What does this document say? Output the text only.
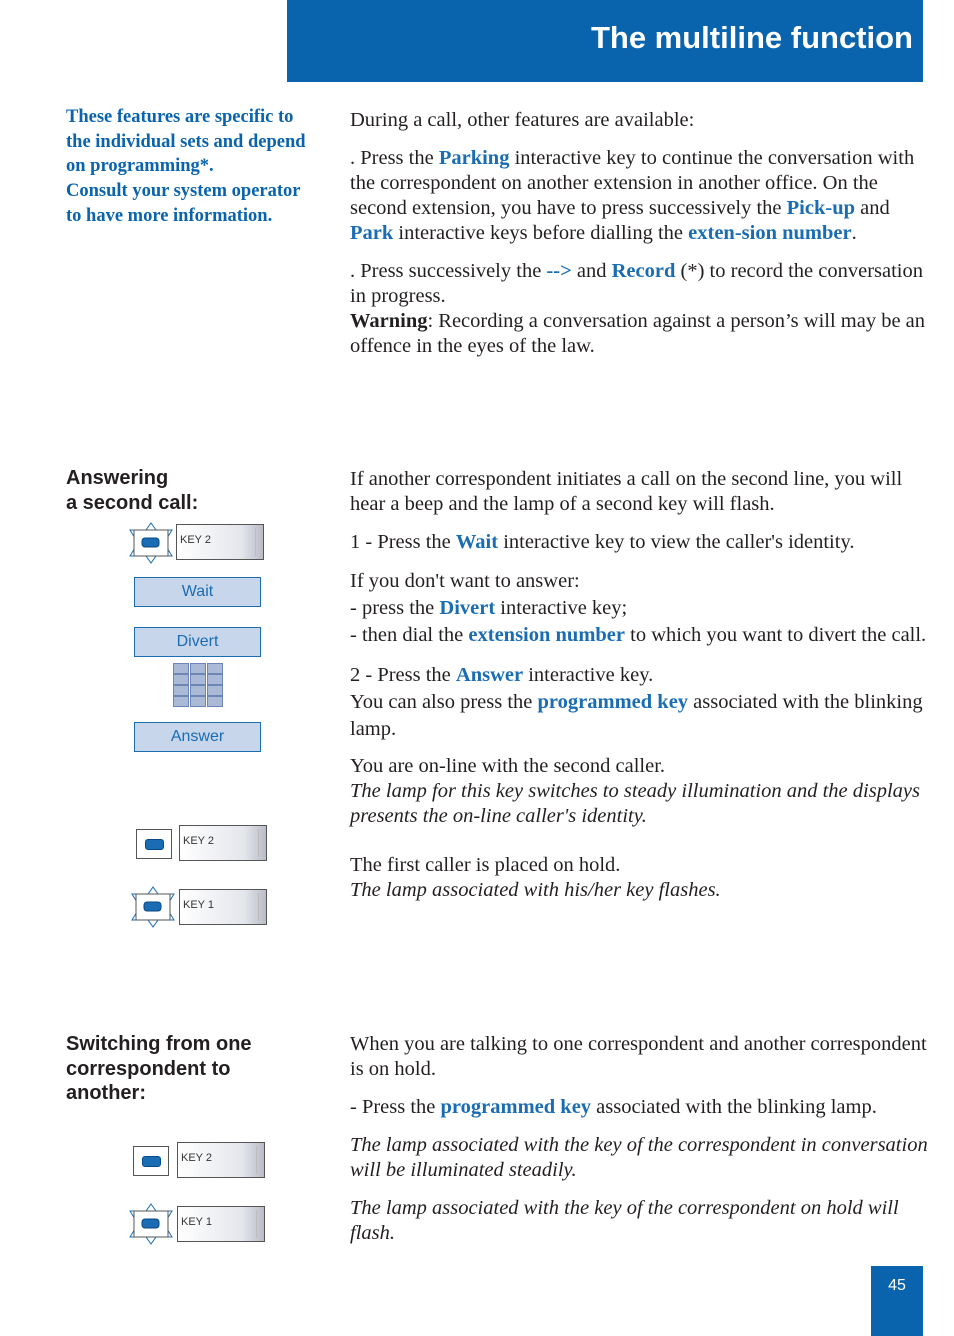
The multiline function
These features are specific to
the individual sets and depend
on programming*.
Consult your system operator
to have more information.

During a call, other features are available:

. Press the Parking interactive key to continue the conversation with the correspondent on another extension in another office. On the second extension, you have to press successively the Pick-up and Park interactive keys before dialling the exten-sion number.

. Press successively the --> and Record (*) to record the conversation in progress.
Warning: Recording a conversation against a person’s will may be an offence in the eyes of the law.

Answering
a second call:
KEY 2
Wait
Divert
Answer
KEY 2
KEY 1

If another correspondent initiates a call on the second line, you will hear a beep and the lamp of a second key will flash.

1 - Press the Wait interactive key to view the caller's identity.

If you don't want to answer:
- press the Divert interactive key;
- then dial the extension number to which you want to divert the call.
2 - Press the Answer interactive key.
You can also press the programmed key associated with the blinking lamp.
You are on-line with the second caller.
The lamp for this key switches to steady illumination and the displays presents the on-line caller's identity.
The first caller is placed on hold.
The lamp associated with his/her key flashes.
Switching from one
correspondent to
another:
KEY 2
KEY 1

When you are talking to one correspondent and another correspondent is on hold.

- Press the programmed key associated with the blinking lamp.

The lamp associated with the key of the correspondent in conversation will be illuminated steadily.

The lamp associated with the key of the correspondent on hold will flash.

45
